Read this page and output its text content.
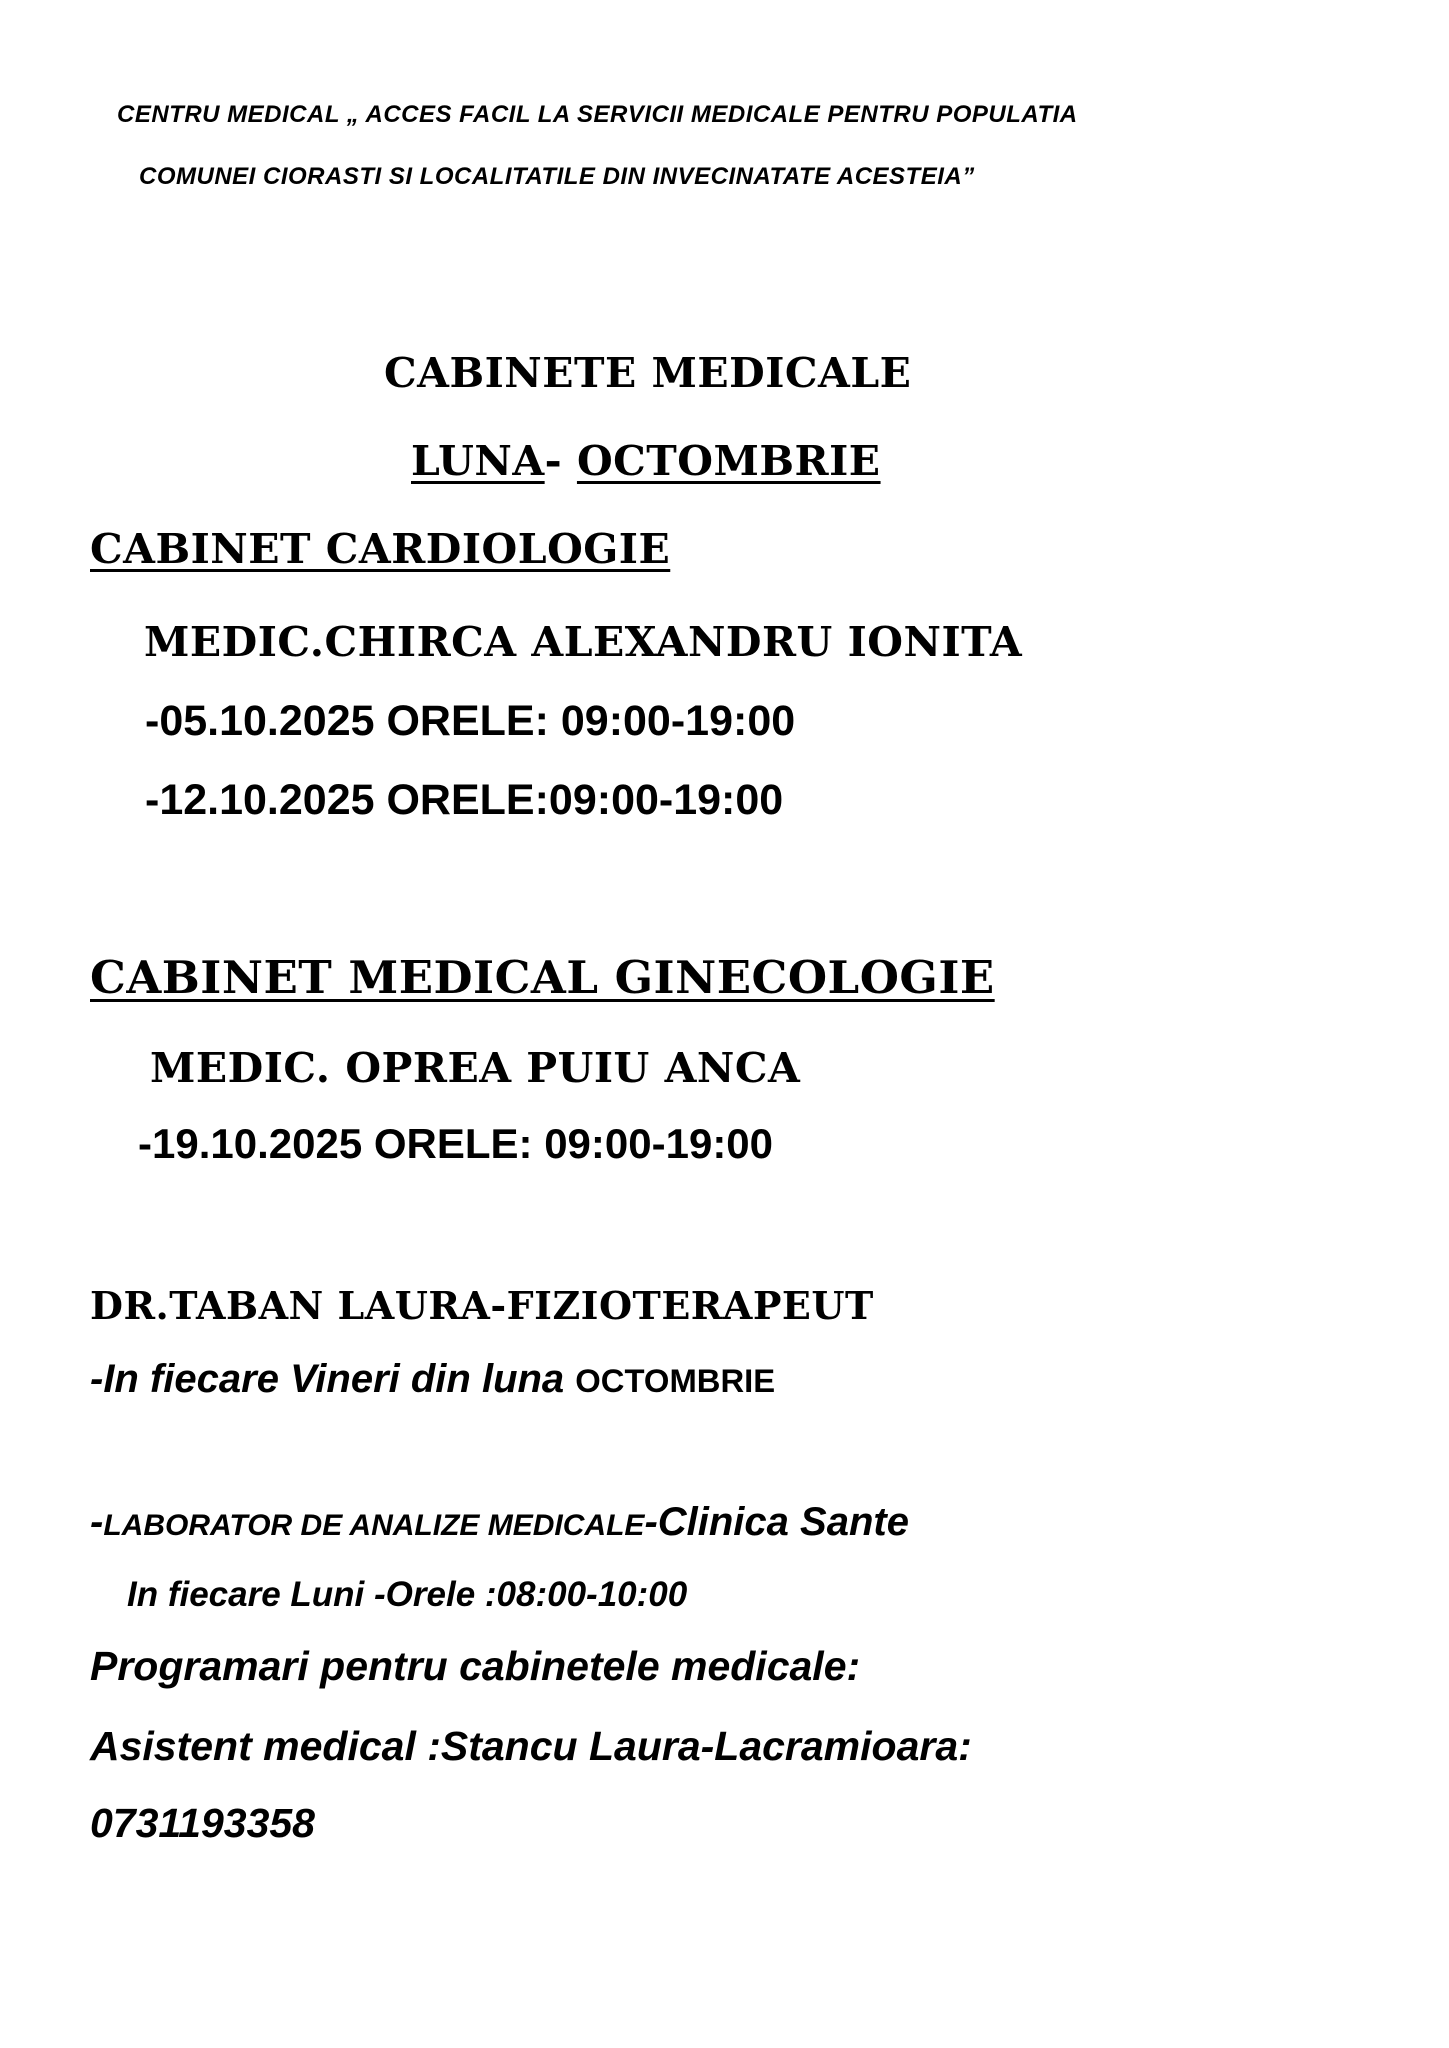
CENTRU MEDICAL „ ACCES FACIL LA SERVICII MEDICALE PENTRU POPULATIA
COMUNEI CIORASTI SI LOCALITATILE DIN INVECINATATE ACESTEIA”
CABINETE MEDICALE
LUNA- OCTOMBRIE
CABINET CARDIOLOGIE
MEDIC.CHIRCA ALEXANDRU IONITA
-05.10.2025 ORELE: 09:00-19:00
-12.10.2025 ORELE:09:00-19:00
CABINET MEDICAL GINECOLOGIE
MEDIC. OPREA PUIU ANCA
-19.10.2025 ORELE: 09:00-19:00
DR.TABAN LAURA-FIZIOTERAPEUT
-In fiecare Vineri din luna OCTOMBRIE
-LABORATOR DE ANALIZE MEDICALE-Clinica Sante
In fiecare Luni -Orele :08:00-10:00
Programari pentru cabinetele medicale:
Asistent medical :Stancu Laura-Lacramioara:
0731193358
